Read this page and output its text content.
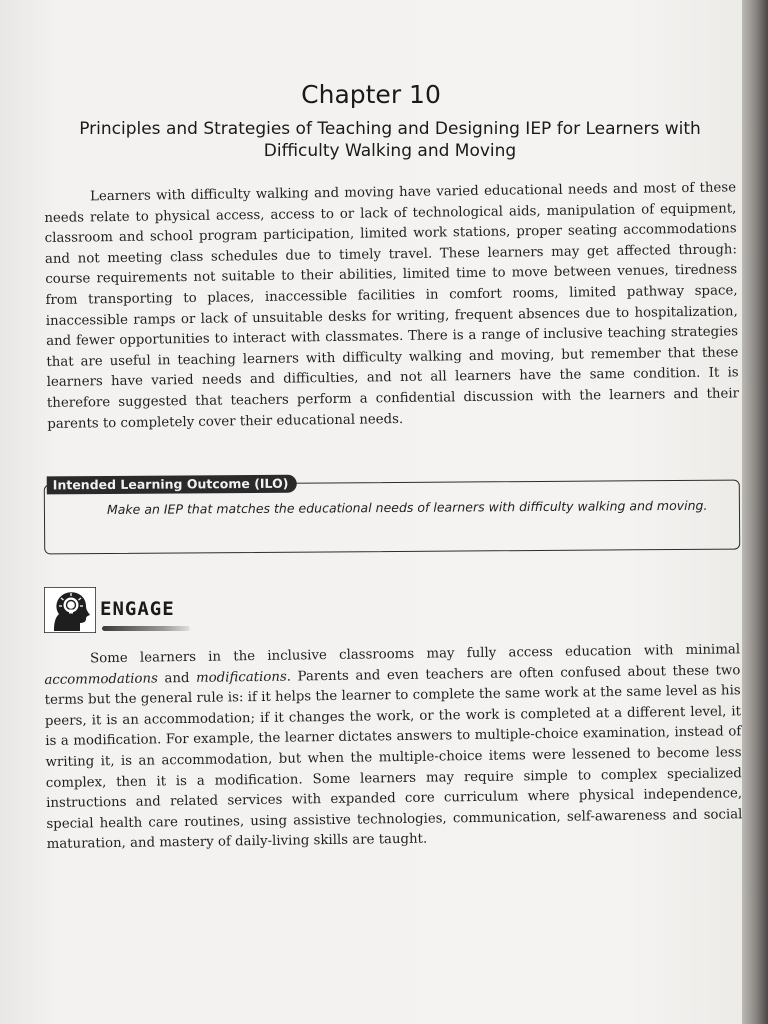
Chapter 10
Principles and Strategies of Teaching and Designing IEP for Learners with Difficulty Walking and Moving

Learners with difficulty walking and moving have varied educational needs and most of these needs relate to physical access, access to or lack of technological aids, manipulation of equipment, classroom and school program participation, limited work stations, proper seating accommodations and not meeting class schedules due to timely travel. These learners may get affected through: course requirements not suitable to their abilities, limited time to move between venues, tiredness from transporting to places, inaccessible facilities in comfort rooms, limited pathway space, inaccessible ramps or lack of unsuitable desks for writing, frequent absences due to hospitalization, and fewer opportunities to interact with classmates. There is a range of inclusive teaching strategies that are useful in teaching learners with difficulty walking and moving, but remember that these learners have varied needs and difficulties, and not all learners have the same condition. It is therefore suggested that teachers perform a confidential discussion with the learners and their parents to completely cover their educational needs.

Intended Learning Outcome (ILO)

Make an IEP that matches the educational needs of learners with difficulty walking and moving.

ENGAGE

Some learners in the inclusive classrooms may fully access education with minimal accommodations and modifications. Parents and even teachers are often confused about these two terms but the general rule is: if it helps the learner to complete the same work at the same level as his peers, it is an accommodation; if it changes the work, or the work is completed at a different level, it is a modification. For example, the learner dictates answers to multiple-choice examination, instead of writing it, is an accommodation, but when the multiple-choice items were lessened to become less complex, then it is a modification. Some learners may require simple to complex specialized instructions and related services with expanded core curriculum where physical independence, special health care routines, using assistive technologies, communication, self-awareness and social maturation, and mastery of daily-living skills are taught.
